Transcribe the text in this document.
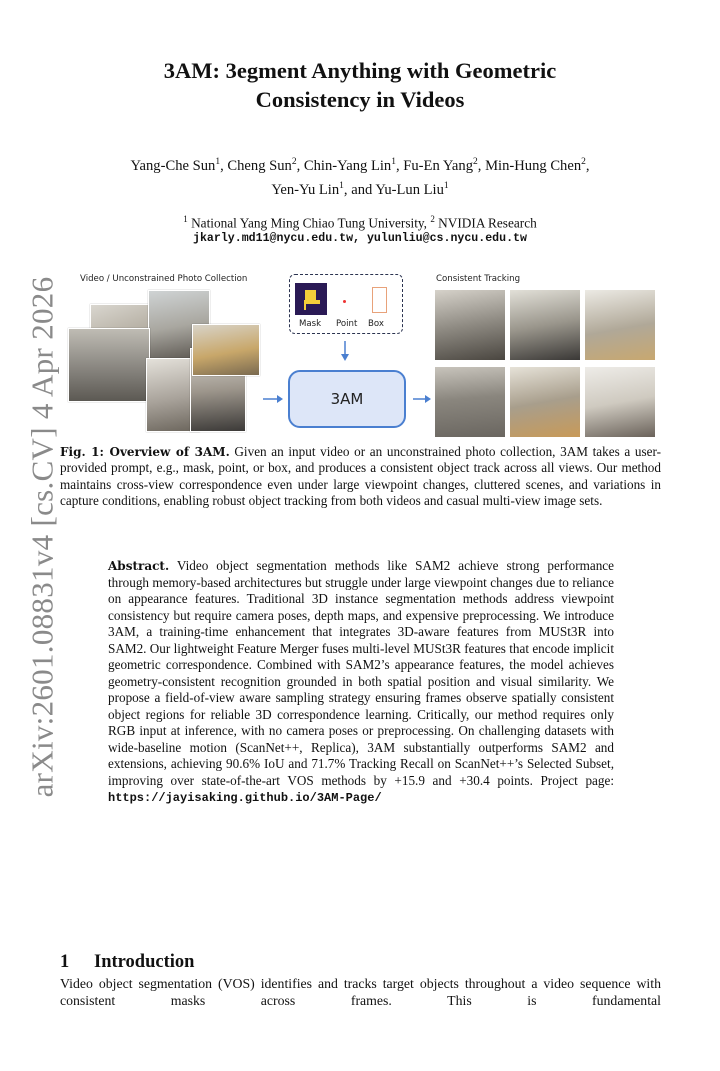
arXiv:2601.08831v4 [cs.CV] 4 Apr 2026
3AM: 3egment Anything with Geometric
Consistency in Videos
Yang-Che Sun$^1$, Cheng Sun$^2$, Chin-Yang Lin$^1$, Fu-En Yang$^2$, Min-Hung Chen$^2$,
Yen-Yu Lin$^1$, and Yu-Lun Liu$^1$
$^1$ National Yang Ming Chiao Tung University, $^2$ NVIDIA Research
jkarly.md11@nycu.edu.tw, yulunliu@cs.nycu.edu.tw
Video / Unconstrained Photo Collection
Mask Point Box
3AM
Consistent Tracking
Fig. 1: Overview of 3AM. Given an input video or an unconstrained photo collection, 3AM takes a user-provided prompt, e.g., mask, point, or box, and produces a consistent object track across all views. Our method maintains cross-view correspondence even under large viewpoint changes, cluttered scenes, and variations in capture conditions, enabling robust object tracking from both videos and casual multi-view image sets.
Abstract. Video object segmentation methods like SAM2 achieve strong performance through memory-based architectures but struggle under large viewpoint changes due to reliance on appearance features. Traditional 3D instance segmentation methods address viewpoint consistency but require camera poses, depth maps, and expensive preprocessing. We introduce 3AM, a training-time enhancement that integrates 3D-aware features from MUSt3R into SAM2. Our lightweight Feature Merger fuses multi-level MUSt3R features that encode implicit geometric correspondence. Combined with SAM2’s appearance features, the model achieves geometry-consistent recognition grounded in both spatial position and visual similarity. We propose a field-of-view aware sampling strategy ensuring frames observe spatially consistent object regions for reliable 3D correspondence learning. Critically, our method requires only RGB input at inference, with no camera poses or preprocessing. On challenging datasets with wide-baseline motion (ScanNet++, Replica), 3AM substantially outperforms SAM2 and extensions, achieving 90.6% IoU and 71.7% Tracking Recall on ScanNet++’s Selected Subset, improving over state-of-the-art VOS methods by +15.9 and +30.4 points. Project page: https://jayisaking.github.io/3AM-Page/
1 Introduction
Video object segmentation (VOS) identifies and tracks target objects throughout a video sequence with consistent masks across frames. This is fundamental
